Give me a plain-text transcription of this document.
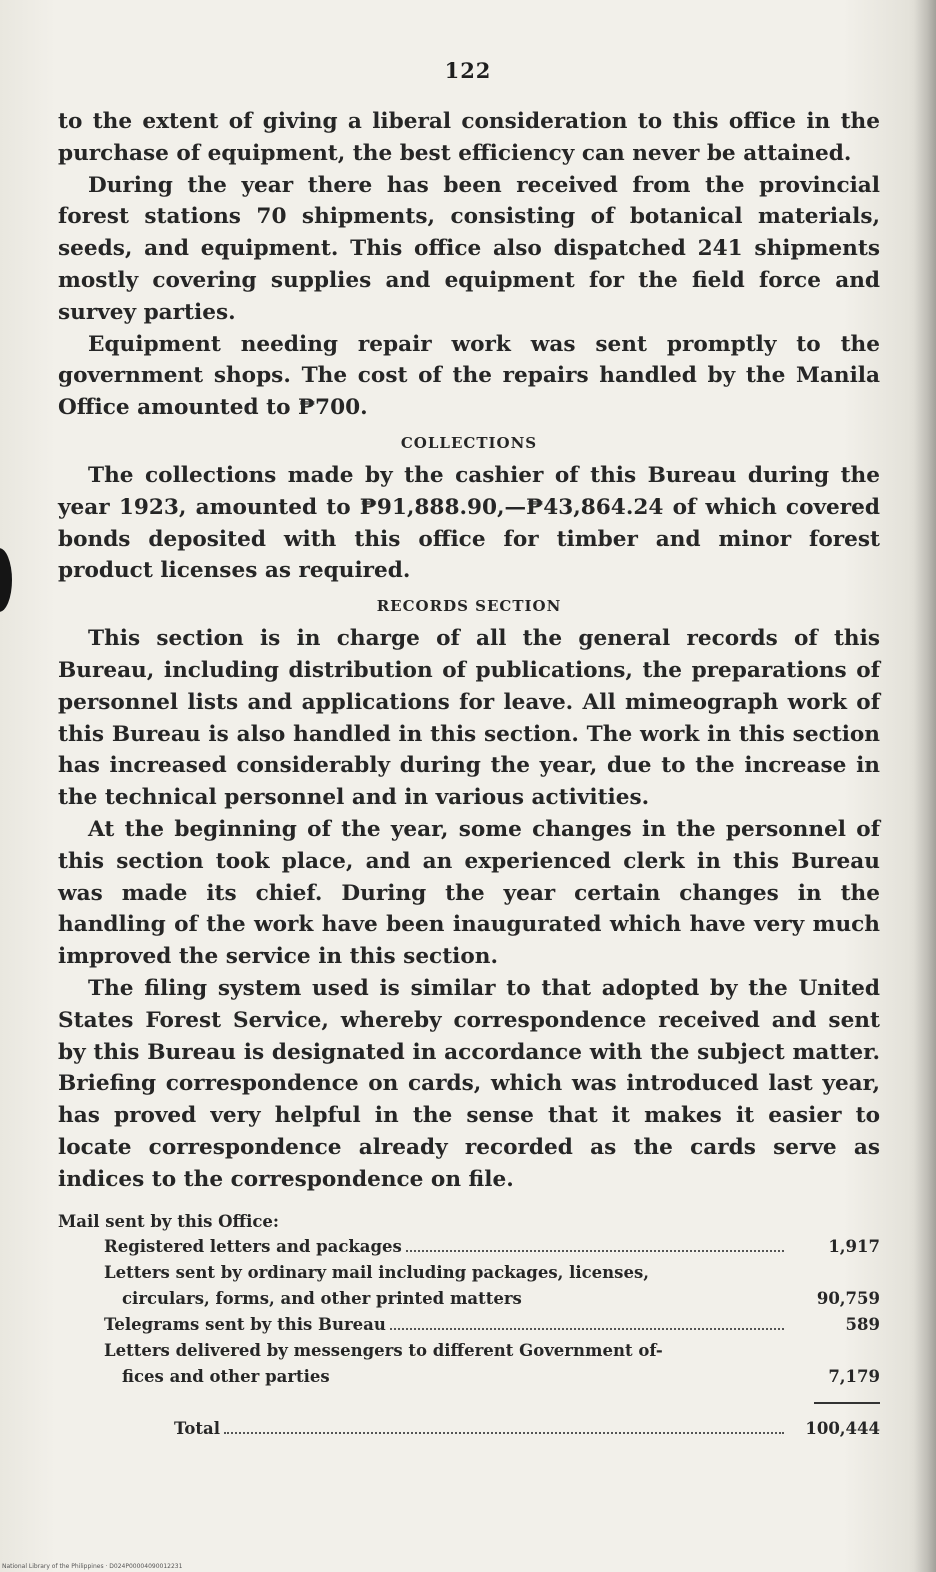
122

to the extent of giving a liberal consideration to this office in the purchase of equipment, the best efficiency can never be attained.

During the year there has been received from the provincial forest stations 70 shipments, consisting of botanical materials, seeds, and equipment. This office also dispatched 241 shipments mostly covering supplies and equipment for the field force and survey parties.

Equipment needing repair work was sent promptly to the government shops. The cost of the repairs handled by the Manila Office amounted to ₱700.

COLLECTIONS

The collections made by the cashier of this Bureau during the year 1923, amounted to ₱91,888.90,—₱43,864.24 of which covered bonds deposited with this office for timber and minor forest product licenses as required.

RECORDS SECTION

This section is in charge of all the general records of this Bureau, including distribution of publications, the preparations of personnel lists and applications for leave. All mimeograph work of this Bureau is also handled in this section. The work in this section has increased considerably during the year, due to the increase in the technical personnel and in various activities.

At the beginning of the year, some changes in the personnel of this section took place, and an experienced clerk in this Bureau was made its chief. During the year certain changes in the handling of the work have been inaugurated which have very much improved the service in this section.

The filing system used is similar to that adopted by the United States Forest Service, whereby correspondence received and sent by this Bureau is designated in accordance with the subject matter. Briefing correspondence on cards, which was introduced last year, has proved very helpful in the sense that it makes it easier to locate correspondence already recorded as the cards serve as indices to the correspondence on file.

Mail sent by this Office:
Registered letters and packages	1,917
Letters sent by ordinary mail including packages, licenses,
circulars, forms, and other printed matters	90,759

Telegrams sent by this Bureau	589
Letters delivered by messengers to different Government of-
fices and other parties	7,179

Total	100,444
National Library of the Philippines · D024P00004090012231
